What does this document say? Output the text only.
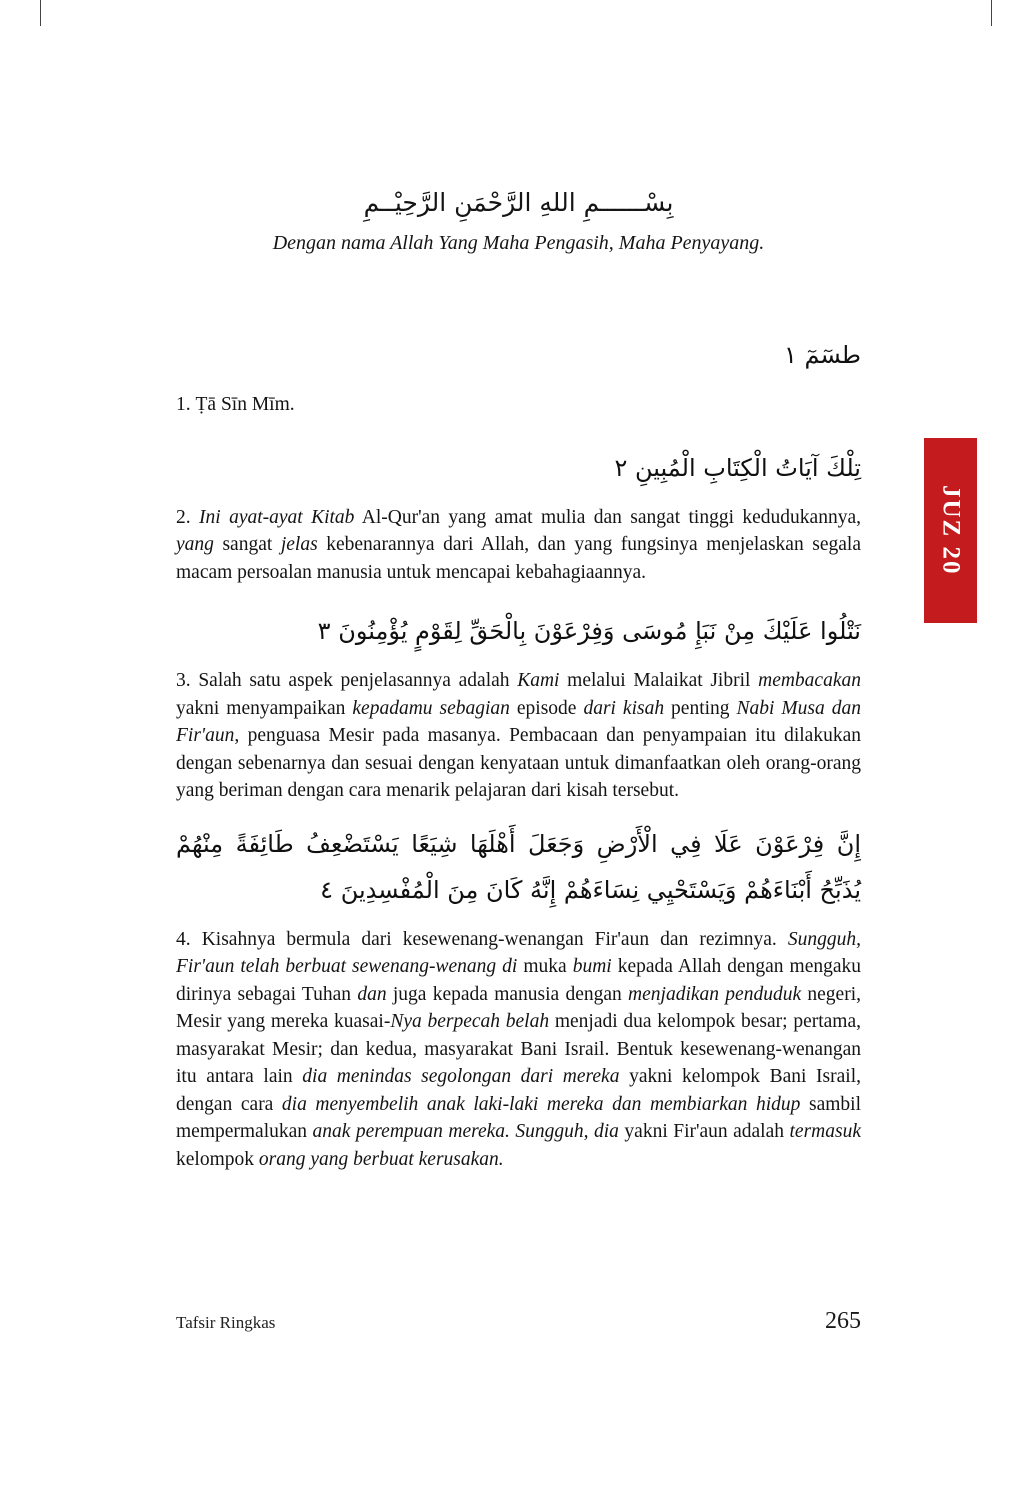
JUZ 20
بِسْــــــمِ اللهِ الرَّحْمَنِ الرَّحِيْــمِ
Dengan nama Allah Yang Maha Pengasih, Maha Penyayang.
طسٓمٓ ١

1. Ṭā Sīn Mīm.

تِلْكَ آيَاتُ الْكِتَابِ الْمُبِينِ ٢

2. Ini ayat-ayat Kitab Al-Qur'an yang amat mulia dan sangat tinggi kedudukannya, yang sangat jelas kebenarannya dari Allah, dan yang fungsinya menjelaskan segala macam persoalan manusia untuk mencapai kebahagiaannya.

نَتْلُوا عَلَيْكَ مِنْ نَبَإِ مُوسَى وَفِرْعَوْنَ بِالْحَقِّ لِقَوْمٍ يُؤْمِنُونَ ٣

3. Salah satu aspek penjelasannya adalah Kami melalui Malaikat Jibril membacakan yakni menyampaikan kepadamu sebagian episode dari kisah penting Nabi Musa dan Fir'aun, penguasa Mesir pada masanya. Pembacaan dan penyampaian itu dilakukan dengan sebenarnya dan sesuai dengan kenyataan untuk dimanfaatkan oleh orang-orang yang beriman dengan cara menarik pelajaran dari kisah tersebut.

إِنَّ فِرْعَوْنَ عَلَا فِي الْأَرْضِ وَجَعَلَ أَهْلَهَا شِيَعًا يَسْتَضْعِفُ طَائِفَةً مِنْهُمْ يُذَبِّحُ أَبْنَاءَهُمْ وَيَسْتَحْيِي نِسَاءَهُمْ إِنَّهُ كَانَ مِنَ الْمُفْسِدِينَ ٤

4. Kisahnya bermula dari kesewenang-wenangan Fir'aun dan rezimnya. Sungguh, Fir'aun telah berbuat sewenang-wenang di muka bumi kepada Allah dengan mengaku dirinya sebagai Tuhan dan juga kepada manusia dengan menjadikan penduduk negeri, Mesir yang mereka kuasai-Nya berpecah belah menjadi dua kelompok besar; pertama, masyarakat Mesir; dan kedua, masyarakat Bani Israil. Bentuk kesewenang-wenangan itu antara lain dia menindas segolongan dari mereka yakni kelompok Bani Israil, dengan cara dia menyembelih anak laki-laki mereka dan membiarkan hidup sambil mempermalukan anak perempuan mereka. Sungguh, dia yakni Fir'aun adalah termasuk kelompok orang yang berbuat kerusakan.

Tafsir Ringkas	265
